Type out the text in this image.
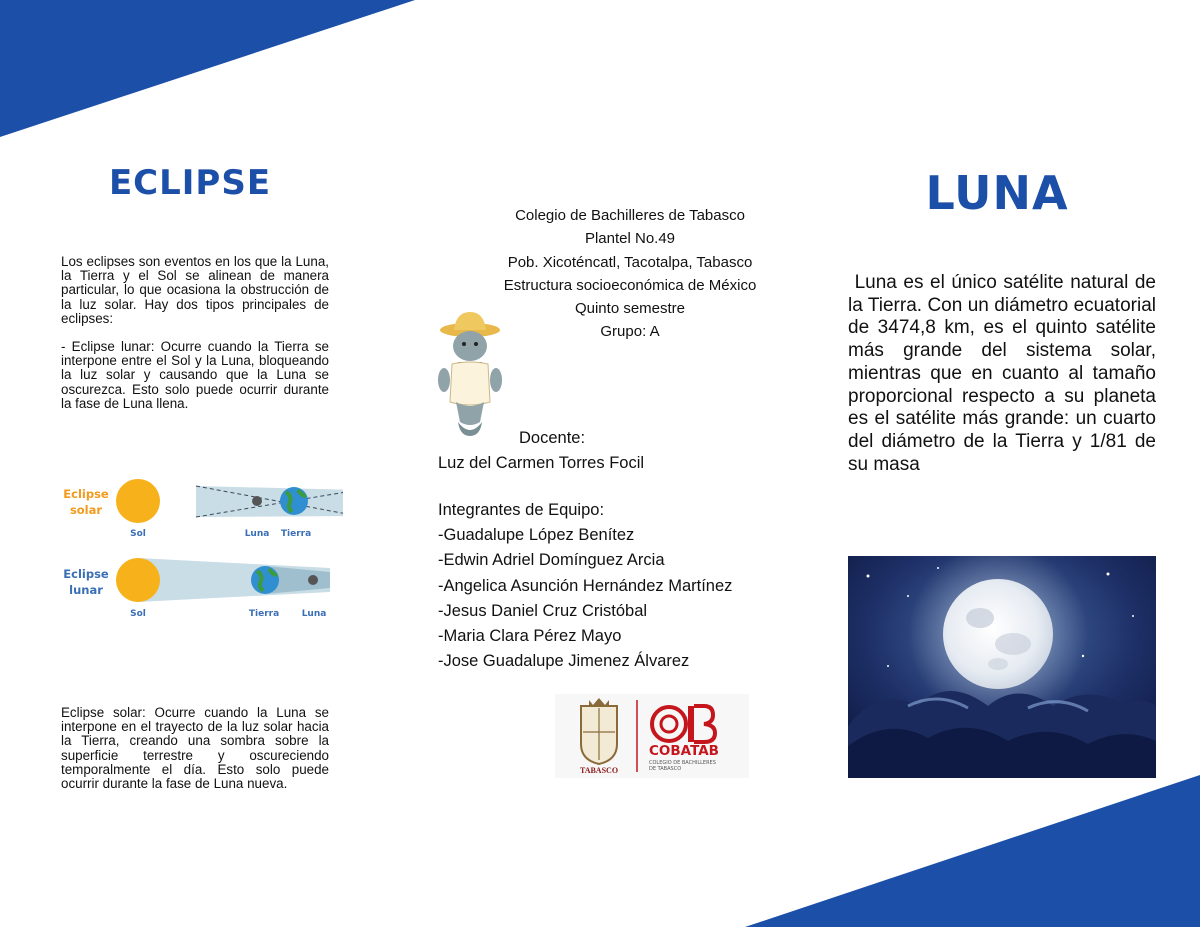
ECLIPSE

Los eclipses son eventos en los que la Luna, la Tierra y el Sol se alinean de manera particular, lo que ocasiona la obstrucción de la luz solar. Hay dos tipos principales de eclipses:

- Eclipse lunar: Ocurre cuando la Tierra se interpone entre el Sol y la Luna, bloqueando la luz solar y causando que la Luna se oscurezca. Esto solo puede ocurrir durante la fase de Luna llena.

Eclipse
solar
Sol	Luna Tierra
Eclipse
lunar
Sol	Tierra	Luna
Eclipse solar: Ocurre cuando la Luna se interpone en el trayecto de la luz solar hacia la Tierra, creando una sombra sobre la superficie terrestre y oscureciendo temporalmente el día. Esto solo puede ocurrir durante la fase de Luna nueva.
Colegio de Bachilleres de Tabasco
Plantel No.49
Pob. Xicoténcatl, Tacotalpa, Tabasco
Estructura socioeconómica de México
Quinto semestre
Grupo: A
Docente:
Luz del Carmen Torres Focil
Integrantes de Equipo:
-Guadalupe López Benítez
-Edwin Adriel Domínguez Arcia
-Angelica Asunción Hernández Martínez
-Jesus Daniel Cruz Cristóbal
-Maria Clara Pérez Mayo
-Jose Guadalupe Jimenez Álvarez
TABASCO
COBATAB
COLEGIO DE BACHILLERES
DE TABASCO
LUNA
Luna es el único satélite natural de la Tierra. Con un diámetro ecuatorial de 3474,8 km, es el quinto satélite más grande del sistema solar, mientras que en cuanto al tamaño proporcional respecto a su planeta es el satélite más grande: un cuarto del diámetro de la Tierra y 1/81 de su masa
